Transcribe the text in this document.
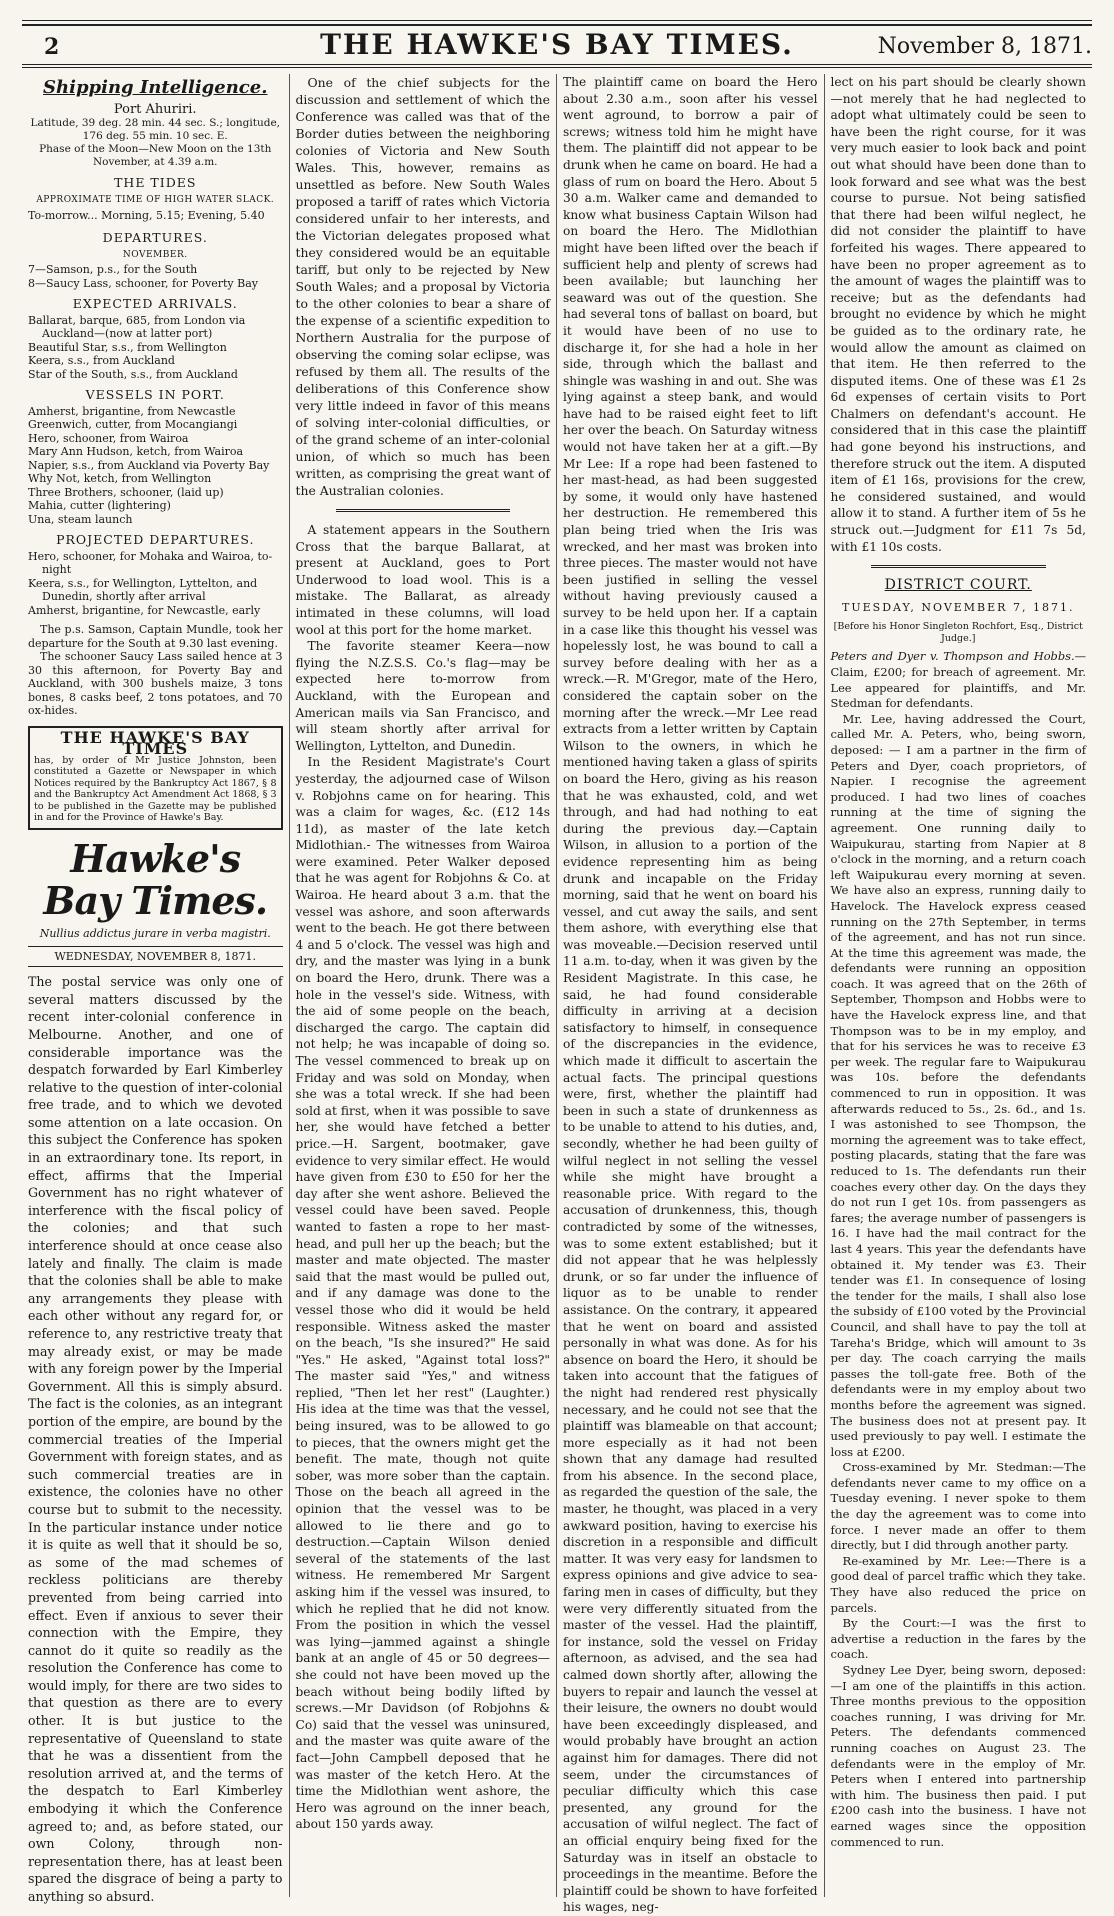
2	THE HAWKE'S BAY TIMES.	November 8, 1871.
Shipping Intelligence.

Port Ahuriri.

Latitude, 39 deg. 28 min. 44 sec. S.; longitude, 176 deg. 55 min. 10 sec. E.

Phase of the Moon—New Moon on the 13th November, at 4.39 a.m.

THE TIDES
APPROXIMATE TIME OF HIGH WATER SLACK.

To-morrow... Morning, 5.15; Evening, 5.40

DEPARTURES.
NOVEMBER.
7—Samson, p.s., for the South
8—Saucy Lass, schooner, for Poverty Bay
EXPECTED ARRIVALS.
Ballarat, barque, 685, from London via Auckland—(now at latter port)
Beautiful Star, s.s., from Wellington
Keera, s.s., from Auckland
Star of the South, s.s., from Auckland
VESSELS IN PORT.
Amherst, brigantine, from Newcastle
Greenwich, cutter, from Mocangiangi
Hero, schooner, from Wairoa
Mary Ann Hudson, ketch, from Wairoa
Napier, s.s., from Auckland via Poverty Bay
Why Not, ketch, from Wellington
Three Brothers, schooner, (laid up)
Mahia, cutter (lightering)
Una, steam launch
PROJECTED DEPARTURES.
Hero, schooner, for Mohaka and Wairoa, to-night
Keera, s.s., for Wellington, Lyttelton, and Dunedin, shortly after arrival
Amherst, brigantine, for Newcastle, early

The p.s. Samson, Captain Mundle, took her departure for the South at 9.30 last evening.

The schooner Saucy Lass sailed hence at 3 30 this afternoon, for Poverty Bay and Auckland, with 300 bushels maize, 3 tons bones, 8 casks beef, 2 tons potatoes, and 70 ox-hides.

THE HAWKE'S BAY TIMES
has, by order of Mr Justice Johnston, been constituted a Gazette or Newspaper in which Notices required by the Bankruptcy Act 1867, § 8 and the Bankruptcy Act Amendment Act 1868, § 3 to be published in the Gazette may be published in and for the Province of Hawke's Bay.
Hawke's Bay Times.
Nullius addictus jurare in verba magistri.
WEDNESDAY, NOVEMBER 8, 1871.

The postal service was only one of several matters discussed by the recent inter-colonial conference in Melbourne. Another, and one of considerable importance was the despatch forwarded by Earl Kimberley relative to the question of inter-colonial free trade, and to which we devoted some attention on a late occasion. On this subject the Conference has spoken in an extraordinary tone. Its report, in effect, affirms that the Imperial Government has no right whatever of interference with the fiscal policy of the colonies; and that such interference should at once cease also lately and finally. The claim is made that the colonies shall be able to make any arrangements they please with each other without any regard for, or reference to, any restrictive treaty that may already exist, or may be made with any foreign power by the Imperial Government. All this is simply absurd. The fact is the colonies, as an integrant portion of the empire, are bound by the commercial treaties of the Imperial Government with foreign states, and as such commercial treaties are in existence, the colonies have no other course but to submit to the necessity. In the particular instance under notice it is quite as well that it should be so, as some of the mad schemes of reckless politicians are thereby prevented from being carried into effect. Even if anxious to sever their connection with the Empire, they cannot do it quite so readily as the resolution the Conference has come to would imply, for there are two sides to that question as there are to every other. It is but justice to the representative of Queensland to state that he was a dissentient from the resolution arrived at, and the terms of the despatch to Earl Kimberley embodying it which the Conference agreed to; and, as before stated, our own Colony, through non-representation there, has at least been spared the disgrace of being a party to anything so absurd.

One of the chief subjects for the discussion and settlement of which the Conference was called was that of the Border duties between the neighboring colonies of Victoria and New South Wales. This, however, remains as unsettled as before. New South Wales proposed a tariff of rates which Victoria considered unfair to her interests, and the Victorian delegates proposed what they considered would be an equitable tariff, but only to be rejected by New South Wales; and a proposal by Victoria to the other colonies to bear a share of the expense of a scientific expedition to Northern Australia for the purpose of observing the coming solar eclipse, was refused by them all. The results of the deliberations of this Conference show very little indeed in favor of this means of solving inter-colonial difficulties, or of the grand scheme of an inter-colonial union, of which so much has been written, as comprising the great want of the Australian colonies.

A statement appears in the Southern Cross that the barque Ballarat, at present at Auckland, goes to Port Underwood to load wool. This is a mistake. The Ballarat, as already intimated in these columns, will load wool at this port for the home market.

The favorite steamer Keera—now flying the N.Z.S.S. Co.'s flag—may be expected here to-morrow from Auckland, with the European and American mails via San Francisco, and will steam shortly after arrival for Wellington, Lyttelton, and Dunedin.

In the Resident Magistrate's Court yesterday, the adjourned case of Wilson v. Robjohns came on for hearing. This was a claim for wages, &c. (£12 14s 11d), as master of the late ketch Midlothian.- The witnesses from Wairoa were examined. Peter Walker deposed that he was agent for Robjohns & Co. at Wairoa. He heard about 3 a.m. that the vessel was ashore, and soon afterwards went to the beach. He got there between 4 and 5 o'clock. The vessel was high and dry, and the master was lying in a bunk on board the Hero, drunk. There was a hole in the vessel's side. Witness, with the aid of some people on the beach, discharged the cargo. The captain did not help; he was incapable of doing so. The vessel commenced to break up on Friday and was sold on Monday, when she was a total wreck. If she had been sold at first, when it was possible to save her, she would have fetched a better price.—H. Sargent, bootmaker, gave evidence to very similar effect. He would have given from £30 to £50 for her the day after she went ashore. Believed the vessel could have been saved. People wanted to fasten a rope to her mast-head, and pull her up the beach; but the master and mate objected. The master said that the mast would be pulled out, and if any damage was done to the vessel those who did it would be held responsible. Witness asked the master on the beach, "Is she insured?" He said "Yes." He asked, "Against total loss?" The master said "Yes," and witness replied, "Then let her rest" (Laughter.) His idea at the time was that the vessel, being insured, was to be allowed to go to pieces, that the owners might get the benefit. The mate, though not quite sober, was more sober than the captain. Those on the beach all agreed in the opinion that the vessel was to be allowed to lie there and go to destruction.—Captain Wilson denied several of the statements of the last witness. He remembered Mr Sargent asking him if the vessel was insured, to which he replied that he did not know. From the position in which the vessel was lying—jammed against a shingle bank at an angle of 45 or 50 degrees—she could not have been moved up the beach without being bodily lifted by screws.—Mr Davidson (of Robjohns & Co) said that the vessel was uninsured, and the master was quite aware of the fact—John Campbell deposed that he was master of the ketch Hero. At the time the Midlothian went ashore, the Hero was aground on the inner beach, about 150 yards away.

The plaintiff came on board the Hero about 2.30 a.m., soon after his vessel went aground, to borrow a pair of screws; witness told him he might have them. The plaintiff did not appear to be drunk when he came on board. He had a glass of rum on board the Hero. About 5 30 a.m. Walker came and demanded to know what business Captain Wilson had on board the Hero. The Midlothian might have been lifted over the beach if sufficient help and plenty of screws had been available; but launching her seaward was out of the question. She had several tons of ballast on board, but it would have been of no use to discharge it, for she had a hole in her side, through which the ballast and shingle was washing in and out. She was lying against a steep bank, and would have had to be raised eight feet to lift her over the beach. On Saturday witness would not have taken her at a gift.—By Mr Lee: If a rope had been fastened to her mast-head, as had been suggested by some, it would only have hastened her destruction. He remembered this plan being tried when the Iris was wrecked, and her mast was broken into three pieces. The master would not have been justified in selling the vessel without having previously caused a survey to be held upon her. If a captain in a case like this thought his vessel was hopelessly lost, he was bound to call a survey before dealing with her as a wreck.—R. M'Gregor, mate of the Hero, considered the captain sober on the morning after the wreck.—Mr Lee read extracts from a letter written by Captain Wilson to the owners, in which he mentioned having taken a glass of spirits on board the Hero, giving as his reason that he was exhausted, cold, and wet through, and had had nothing to eat during the previous day.—Captain Wilson, in allusion to a portion of the evidence representing him as being drunk and incapable on the Friday morning, said that he went on board his vessel, and cut away the sails, and sent them ashore, with everything else that was moveable.—Decision reserved until 11 a.m. to-day, when it was given by the Resident Magistrate. In this case, he said, he had found considerable difficulty in arriving at a decision satisfactory to himself, in consequence of the discrepancies in the evidence, which made it difficult to ascertain the actual facts. The principal questions were, first, whether the plaintiff had been in such a state of drunkenness as to be unable to attend to his duties, and, secondly, whether he had been guilty of wilful neglect in not selling the vessel while she might have brought a reasonable price. With regard to the accusation of drunkenness, this, though contradicted by some of the witnesses, was to some extent established; but it did not appear that he was helplessly drunk, or so far under the influence of liquor as to be unable to render assistance. On the contrary, it appeared that he went on board and assisted personally in what was done. As for his absence on board the Hero, it should be taken into account that the fatigues of the night had rendered rest physically necessary, and he could not see that the plaintiff was blameable on that account; more especially as it had not been shown that any damage had resulted from his absence. In the second place, as regarded the question of the sale, the master, he thought, was placed in a very awkward position, having to exercise his discretion in a responsible and difficult matter. It was very easy for landsmen to express opinions and give advice to sea-faring men in cases of difficulty, but they were very differently situated from the master of the vessel. Had the plaintiff, for instance, sold the vessel on Friday afternoon, as advised, and the sea had calmed down shortly after, allowing the buyers to repair and launch the vessel at their leisure, the owners no doubt would have been exceedingly displeased, and would probably have brought an action against him for damages. There did not seem, under the circumstances of peculiar difficulty which this case presented, any ground for the accusation of wilful neglect. The fact of an official enquiry being fixed for the Saturday was in itself an obstacle to proceedings in the meantime. Before the plaintiff could be shown to have forfeited his wages, neg-

lect on his part should be clearly shown—not merely that he had neglected to adopt what ultimately could be seen to have been the right course, for it was very much easier to look back and point out what should have been done than to look forward and see what was the best course to pursue. Not being satisfied that there had been wilful neglect, he did not consider the plaintiff to have forfeited his wages. There appeared to have been no proper agreement as to the amount of wages the plaintiff was to receive; but as the defendants had brought no evidence by which he might be guided as to the ordinary rate, he would allow the amount as claimed on that item. He then referred to the disputed items. One of these was £1 2s 6d expenses of certain visits to Port Chalmers on defendant's account. He considered that in this case the plaintiff had gone beyond his instructions, and therefore struck out the item. A disputed item of £1 16s, provisions for the crew, he considered sustained, and would allow it to stand. A further item of 5s he struck out.—Judgment for £11 7s 5d, with £1 10s costs.

DISTRICT COURT.
TUESDAY, NOVEMBER 7, 1871.
[Before his Honor Singleton Rochfort, Esq., District Judge.]

Peters and Dyer v. Thompson and Hobbs.—Claim, £200; for breach of agreement. Mr. Lee appeared for plaintiffs, and Mr. Stedman for defendants.

Mr. Lee, having addressed the Court, called Mr. A. Peters, who, being sworn, deposed: — I am a partner in the firm of Peters and Dyer, coach proprietors, of Napier. I recognise the agreement produced. I had two lines of coaches running at the time of signing the agreement. One running daily to Waipukurau, starting from Napier at 8 o'clock in the morning, and a return coach left Waipukurau every morning at seven. We have also an express, running daily to Havelock. The Havelock express ceased running on the 27th September, in terms of the agreement, and has not run since. At the time this agreement was made, the defendants were running an opposition coach. It was agreed that on the 26th of September, Thompson and Hobbs were to have the Havelock express line, and that Thompson was to be in my employ, and that for his services he was to receive £3 per week. The regular fare to Waipukurau was 10s. before the defendants commenced to run in opposition. It was afterwards reduced to 5s., 2s. 6d., and 1s. I was astonished to see Thompson, the morning the agreement was to take effect, posting placards, stating that the fare was reduced to 1s. The defendants run their coaches every other day. On the days they do not run I get 10s. from passengers as fares; the average number of passengers is 16. I have had the mail contract for the last 4 years. This year the defendants have obtained it. My tender was £3. Their tender was £1. In consequence of losing the tender for the mails, I shall also lose the subsidy of £100 voted by the Provincial Council, and shall have to pay the toll at Tareha's Bridge, which will amount to 3s per day. The coach carrying the mails passes the toll-gate free. Both of the defendants were in my employ about two months before the agreement was signed. The business does not at present pay. It used previously to pay well. I estimate the loss at £200.

Cross-examined by Mr. Stedman:—The defendants never came to my office on a Tuesday evening. I never spoke to them the day the agreement was to come into force. I never made an offer to them directly, but I did through another party.

Re-examined by Mr. Lee:—There is a good deal of parcel traffic which they take. They have also reduced the price on parcels.

By the Court:—I was the first to advertise a reduction in the fares by the coach.

Sydney Lee Dyer, being sworn, deposed:—I am one of the plaintiffs in this action. Three months previous to the opposition coaches running, I was driving for Mr. Peters. The defendants commenced running coaches on August 23. The defendants were in the employ of Mr. Peters when I entered into partnership with him. The business then paid. I put £200 cash into the business. I have not earned wages since the opposition commenced to run.
